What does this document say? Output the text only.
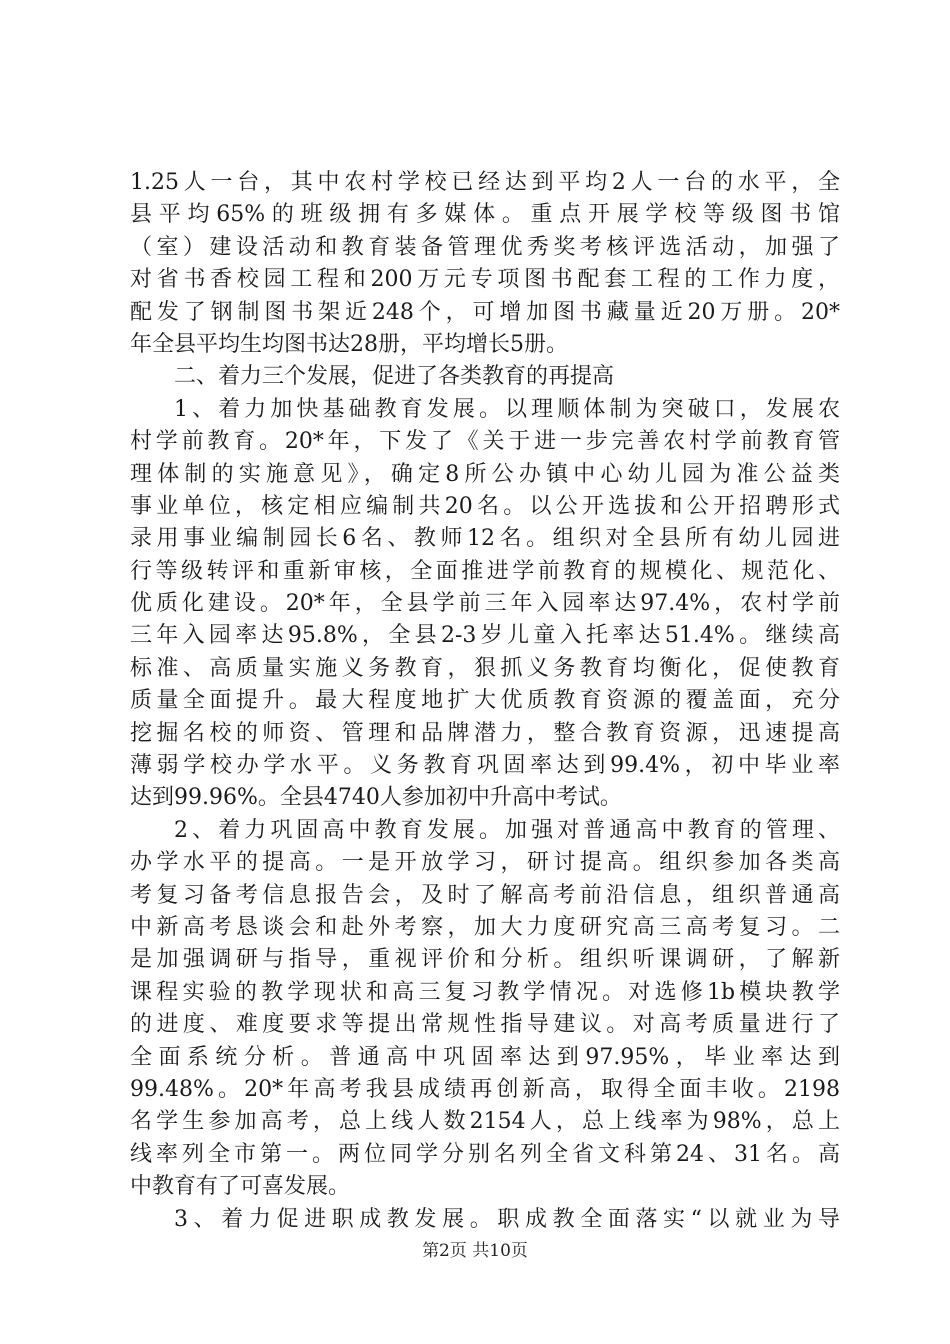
1.25人一台，其中农村学校已经达到平均2人一台的水平，全
县平均65%的班级拥有多媒体。重点开展学校等级图书馆
（室）建设活动和教育装备管理优秀奖考核评选活动，加强了
对省书香校园工程和200万元专项图书配套工程的工作力度，
配发了钢制图书架近248个，可增加图书藏量近20万册。20*
年全县平均生均图书达28册，平均增长5册。
二、着力三个发展，促进了各类教育的再提高
1、着力加快基础教育发展。以理顺体制为突破口，发展农
村学前教育。20*年，下发了《关于进一步完善农村学前教育管
理体制的实施意见》，确定8所公办镇中心幼儿园为准公益类
事业单位，核定相应编制共20名。以公开选拔和公开招聘形式
录用事业编制园长6名、教师12名。组织对全县所有幼儿园进
行等级转评和重新审核，全面推进学前教育的规模化、规范化、
优质化建设。20*年，全县学前三年入园率达97.4%，农村学前
三年入园率达95.8%，全县2-3岁儿童入托率达51.4%。继续高
标准、高质量实施义务教育，狠抓义务教育均衡化，促使教育
质量全面提升。最大程度地扩大优质教育资源的覆盖面，充分
挖掘名校的师资、管理和品牌潜力，整合教育资源，迅速提高
薄弱学校办学水平。义务教育巩固率达到99.4%，初中毕业率
达到99.96%。全县4740人参加初中升高中考试。
2、着力巩固高中教育发展。加强对普通高中教育的管理、
办学水平的提高。一是开放学习，研讨提高。组织参加各类高
考复习备考信息报告会，及时了解高考前沿信息，组织普通高
中新高考恳谈会和赴外考察，加大力度研究高三高考复习。二
是加强调研与指导，重视评价和分析。组织听课调研，了解新
课程实验的教学现状和高三复习教学情况。对选修1b模块教学
的进度、难度要求等提出常规性指导建议。对高考质量进行了
全面系统分析。普通高中巩固率达到97.95%，毕业率达到
99.48%。20*年高考我县成绩再创新高，取得全面丰收。2198
名学生参加高考，总上线人数2154人，总上线率为98%，总上
线率列全市第一。两位同学分别名列全省文科第24、31名。高
中教育有了可喜发展。
3、着力促进职成教发展。职成教全面落实“以就业为导
第2页 共10页
